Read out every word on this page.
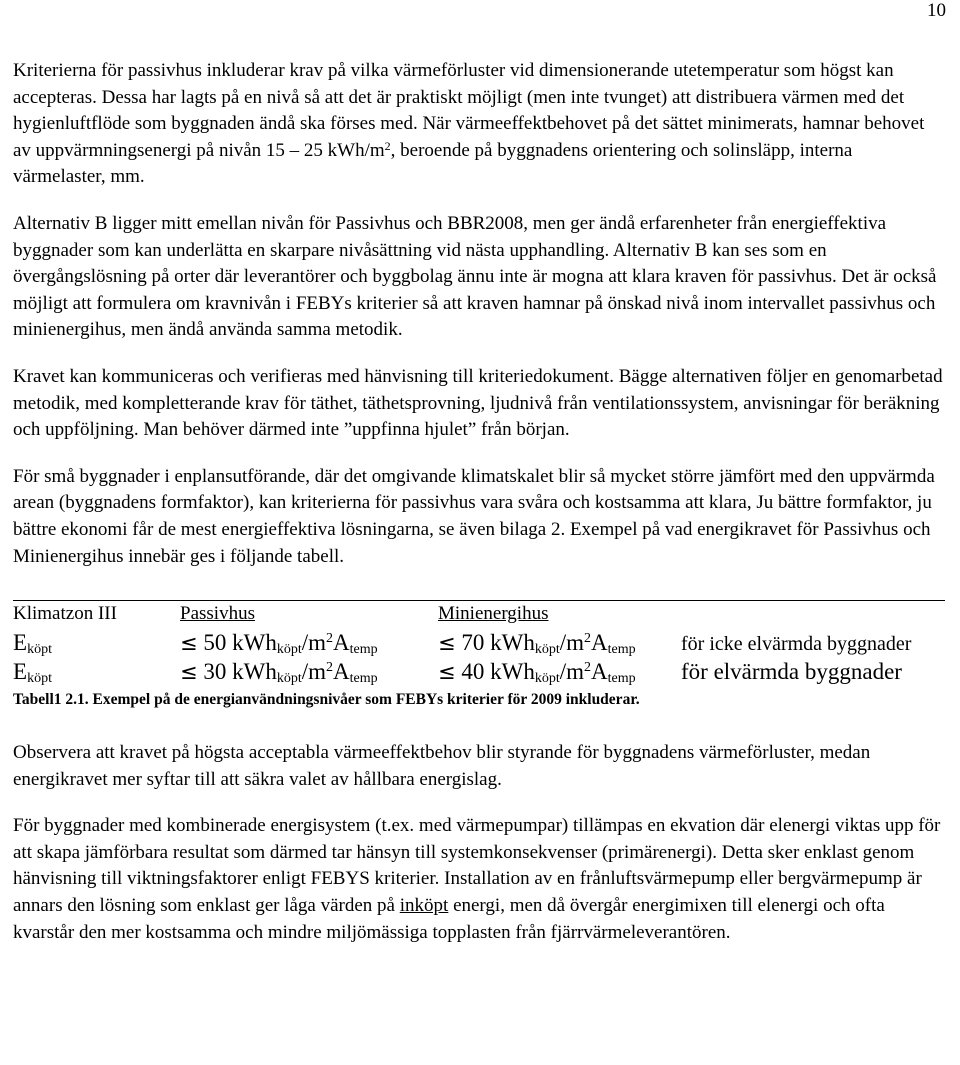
10

Kriterierna för passivhus inkluderar krav på vilka värmeförluster vid dimensionerande utetemperatur som högst kan accepteras. Dessa har lagts på en nivå så att det är praktiskt möjligt (men inte tvunget) att distribuera värmen med det hygienluftflöde som byggnaden ändå ska förses med. När värmeeffektbehovet på det sättet minimerats, hamnar behovet av uppvärmningsenergi på nivån 15 – 25 kWh/$m^2$, beroende på byggnadens orientering och solinsläpp, interna värmelaster, mm.

Alternativ B ligger mitt emellan nivån för Passivhus och BBR2008, men ger ändå erfarenheter från energieffektiva byggnader som kan underlätta en skarpare nivåsättning vid nästa upphandling. Alternativ B kan ses som en övergångslösning på orter där leverantörer och byggbolag ännu inte är mogna att klara kraven för passivhus. Det är också möjligt att formulera om kravnivån i FEBYs kriterier så att kraven hamnar på önskad nivå inom intervallet passivhus och minienergihus, men ändå använda samma metodik.

Kravet kan kommuniceras och verifieras med hänvisning till kriteriedokument. Bägge alternativen följer en genomarbetad metodik, med kompletterande krav för täthet, täthetsprovning, ljudnivå från ventilationssystem, anvisningar för beräkning och uppföljning. Man behöver därmed inte ”uppfinna hjulet” från början.

För små byggnader i enplansutförande, där det omgivande klimatskalet blir så mycket större jämfört med den uppvärmda arean (byggnadens formfaktor), kan kriterierna för passivhus vara svåra och kostsamma att klara, Ju bättre formfaktor, ju bättre ekonomi får de mest energieffektiva lösningarna, se även bilaga 2. Exempel på vad energikravet för Passivhus och Minienergihus innebär ges i följande tabell.

Klimatzon III	Passivhus	Minienergihus	
$E_{köpt}$	≤ 50 $kWh_{köpt}/m^2A_{temp}$	≤ 70 $kWh_{köpt}/m^2A_{temp}$	för icke elvärmda byggnader
$E_{köpt}$	≤ 30 $kWh_{köpt}/m^2A_{temp}$	≤ 40 $kWh_{köpt}/m^2A_{temp}$	för elvärmda byggnader

Tabell1 2.1. Exempel på de energianvändningsnivåer som FEBYs kriterier för 2009 inkluderar.

Observera att kravet på högsta acceptabla värmeeffektbehov blir styrande för byggnadens värmeförluster, medan energikravet mer syftar till att säkra valet av hållbara energislag.

För byggnader med kombinerade energisystem (t.ex. med värmepumpar) tillämpas en ekvation där elenergi viktas upp för att skapa jämförbara resultat som därmed tar hänsyn till systemkonsekvenser (primärenergi). Detta sker enklast genom hänvisning till viktningsfaktorer enligt FEBYS kriterier. Installation av en frånluftsvärmepump eller bergvärmepump är annars den lösning som enklast ger låga värden på inköpt energi, men då övergår energimixen till elenergi och ofta kvarstår den mer kostsamma och mindre miljömässiga topplasten från fjärrvärmeleverantören.
